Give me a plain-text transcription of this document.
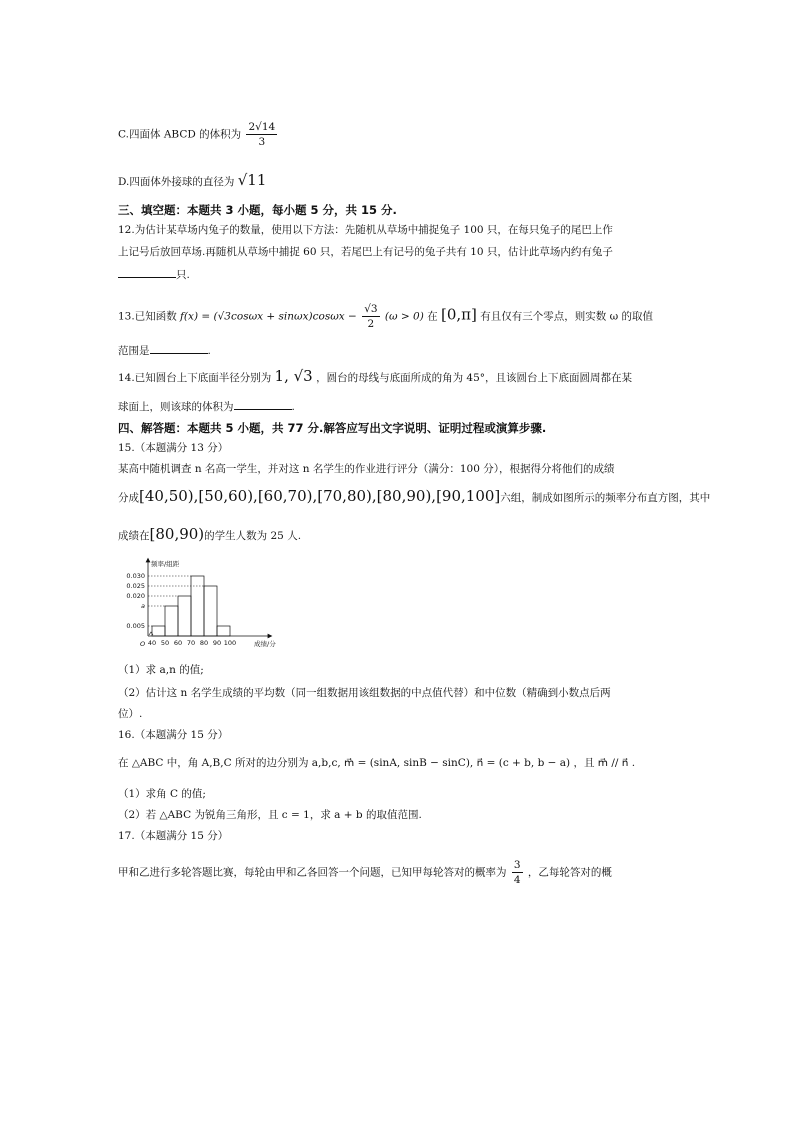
C.四面体 ABCD 的体积为 $\frac{2√14}{3}$
D.四面体外接球的直径为 √11
三、填空题：本题共 3 小题，每小题 5 分，共 15 分.
12.为估计某草场内兔子的数量，使用以下方法：先随机从草场中捕捉兔子 100 只，在每只兔子的尾巴上作
上记号后放回草场.再随机从草场中捕捉 60 只，若尾巴上有记号的兔子共有 10 只，估计此草场内约有兔子
只.
13.已知函数 $f(x) = (√3\cos\omega x + \sin\omega x)\cos\omega x - \frac{√3}{2} (\omega > 0)$ 在 [0,π] 有且仅有三个零点，则实数 ω 的取值
范围是	.
14.已知圆台上下底面半径分别为 1, √3 ，圆台的母线与底面所成的角为 45°，且该圆台上下底面圆周都在某
球面上，则该球的体积为	.
四、解答题：本题共 5 小题，共 77 分.解答应写出文字说明、证明过程或演算步骤.
15.（本题满分 13 分）
某高中随机调查 n 名高一学生，并对这 n 名学生的作业进行评分（满分：100 分），根据得分将他们的成绩
分成[40,50),[50,60),[60,70),[70,80),[80,90),[90,100]六组，制成如图所示的频率分布直方图，其中
成绩在[80,90)的学生人数为 25 人.
频率/组距
成绩/分
O
0.030
0.025
0.020
a
0.005
40 50 60 70 80 90 100
（1）求 a,n 的值;
（2）估计这 n 名学生成绩的平均数（同一组数据用该组数据的中点值代替）和中位数（精确到小数点后两
位）.
16.（本题满分 15 分）
在 △ABC 中，角 A,B,C 所对的边分别为 a,b,c, m⃗ = (sinA, sinB − sinC), n⃗ = (c + b, b − a) ，且 m⃗ // n⃗ .
（1）求角 C 的值;
（2）若 △ABC 为锐角三角形，且 c = 1，求 a + b 的取值范围.
17.（本题满分 15 分）
甲和乙进行多轮答题比赛，每轮由甲和乙各回答一个问题，已知甲每轮答对的概率为 $\frac{3}{4}$ ，乙每轮答对的概
